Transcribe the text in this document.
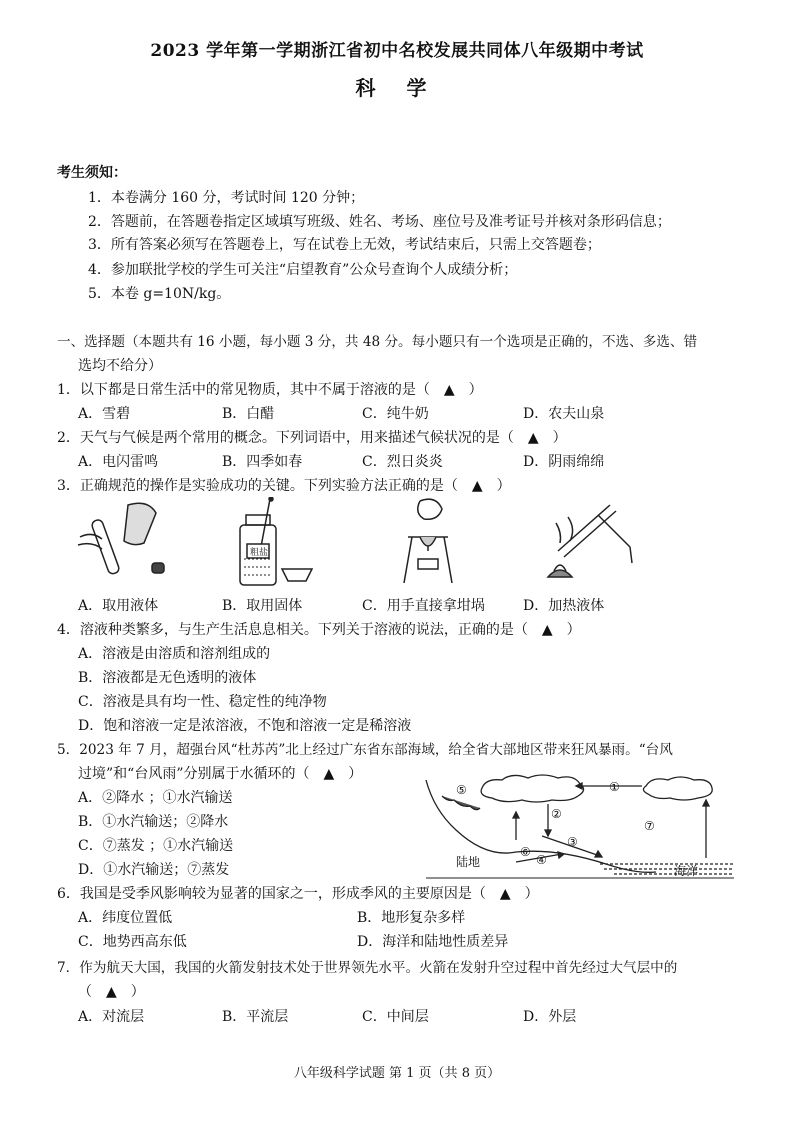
2023 学年第一学期浙江省初中名校发展共同体八年级期中考试
科 学
考生须知：
1．本卷满分 160 分，考试时间 120 分钟；
2．答题前，在答题卷指定区域填写班级、姓名、考场、座位号及准考证号并核对条形码信息；
3．所有答案必须写在答题卷上，写在试卷上无效，考试结束后，只需上交答题卷；
4．参加联批学校的学生可关注“启望教育”公众号查询个人成绩分析；
5．本卷 g=10N/kg。
一、选择题（本题共有 16 小题，每小题 3 分，共 48 分。每小题只有一个选项是正确的，不选、多选、错
选均不给分）
1．以下都是日常生活中的常见物质，其中不属于溶液的是（　▲　）
A．雪碧	B．白醋	C．纯牛奶	D．农夫山泉
2．天气与气候是两个常用的概念。下列词语中，用来描述气候状况的是（　▲　）
A．电闪雷鸣	B．四季如春	C．烈日炎炎	D．阴雨绵绵
3．正确规范的操作是实验成功的关键。下列实验方法正确的是（　▲　）
粗盐
A．取用液体	B．取用固体	C．用手直接拿坩埚	D．加热液体
4．溶液种类繁多，与生产生活息息相关。下列关于溶液的说法，正确的是（　▲　）
A．溶液是由溶质和溶剂组成的
B．溶液都是无色透明的液体
C．溶液是具有均一性、稳定性的纯净物
D．饱和溶液一定是浓溶液，不饱和溶液一定是稀溶液
5．2023 年 7 月，超强台风“杜苏芮”北上经过广东省东部海域，给全省大部地区带来狂风暴雨。“台风
过境”和“台风雨”分别属于水循环的（　▲　）
A．②降水 ；①水汽输送
B．①水汽输送；②降水
C．⑦蒸发 ；①水汽输送
D．①水汽输送；⑦蒸发
⑤	①
②
③
④
⑥
⑦
陆地
海洋
6．我国是受季风影响较为显著的国家之一，形成季风的主要原因是（　▲　）
A．纬度位置低	B．地形复杂多样
C．地势西高东低	D．海洋和陆地性质差异
7．作为航天大国，我国的火箭发射技术处于世界领先水平。火箭在发射升空过程中首先经过大气层中的
（　▲　）
A．对流层	B．平流层	C．中间层	D．外层
八年级科学试题 第 1 页（共 8 页）
